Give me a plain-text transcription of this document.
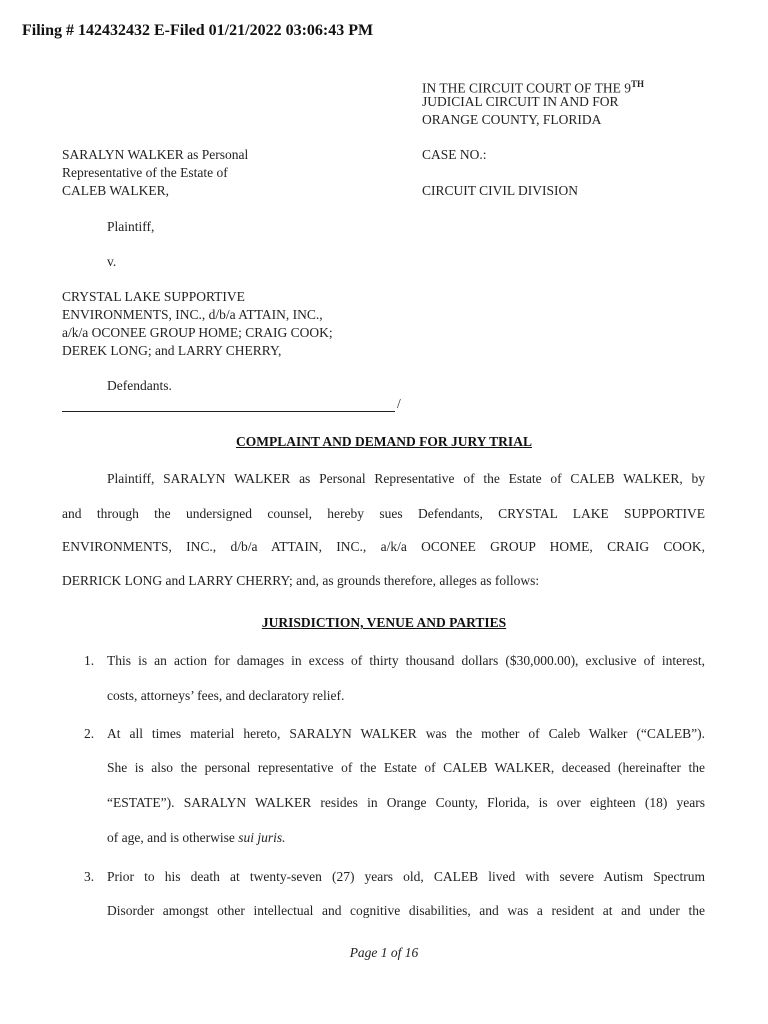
Filing # 142432432 E-Filed 01/21/2022 03:06:43 PM
IN THE CIRCUIT COURT OF THE 9TH
JUDICIAL CIRCUIT IN AND FOR
ORANGE COUNTY, FLORIDA
CASE NO.:
CIRCUIT CIVIL DIVISION
SARALYN WALKER as Personal
Representative of the Estate of
CALEB WALKER,
Plaintiff,
v.
CRYSTAL LAKE SUPPORTIVE
ENVIRONMENTS, INC., d/b/a ATTAIN, INC.,
a/k/a OCONEE GROUP HOME; CRAIG COOK;
DEREK LONG; and LARRY CHERRY,
Defendants.
/
COMPLAINT AND DEMAND FOR JURY TRIAL
Plaintiff, SARALYN WALKER as Personal Representative of the Estate of CALEB WALKER, by
and through the undersigned counsel, hereby sues Defendants, CRYSTAL LAKE SUPPORTIVE
ENVIRONMENTS, INC., d/b/a ATTAIN, INC., a/k/a OCONEE GROUP HOME, CRAIG COOK,
DERRICK LONG and LARRY CHERRY; and, as grounds therefore, alleges as follows:
JURISDICTION, VENUE AND PARTIES
1. This is an action for damages in excess of thirty thousand dollars ($30,000.00), exclusive of interest,
costs, attorneys’ fees, and declaratory relief.
2. At all times material hereto, SARALYN WALKER was the mother of Caleb Walker (“CALEB”).
She is also the personal representative of the Estate of CALEB WALKER, deceased (hereinafter the
“ESTATE”). SARALYN WALKER resides in Orange County, Florida, is over eighteen (18) years
of age, and is otherwise sui juris.
3. Prior to his death at twenty-seven (27) years old, CALEB lived with severe Autism Spectrum
Disorder amongst other intellectual and cognitive disabilities, and was a resident at and under the
Page 1 of 16
